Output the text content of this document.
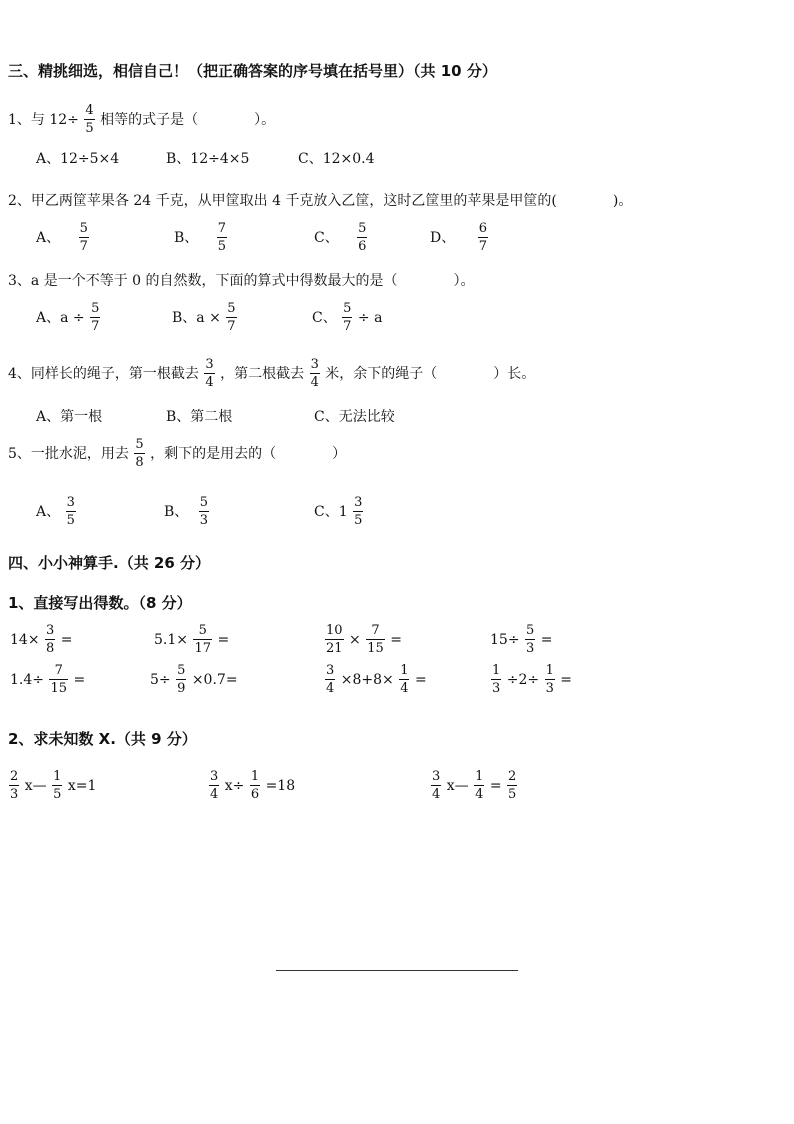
三、精挑细选，相信自己！（把正确答案的序号填在括号里）（共 10 分）
1、与 $12\div \frac{4}{5}$ 相等的式子是（　　　　）。
A、12÷5×4	B、12÷4×5	C、12×0.4
2、甲乙两筐苹果各 24 千克，从甲筐取出 4 千克放入乙筐，这时乙筐里的苹果是甲筐的(　　　　)。
A、 $\frac{5}{7}$	B、 $\frac{7}{5}$	C、 $\frac{5}{6}$	D、 $\frac{6}{7}$
3、a 是一个不等于 0 的自然数，下面的算式中得数最大的是（　　　　）。
A、$a \div \frac{5}{7}$	B、$a \times \frac{5}{7}$	C、 $\frac{5}{7} \div a$
4、同样长的绳子，第一根截去 $\frac{3}{4}$ ，第二根截去 $\frac{3}{4}$ 米，余下的绳子（　　　　）长。
A、第一根	B、第二根	C、无法比较
5、一批水泥，用去 $\frac{5}{8}$ ，剩下的是用去的（　　　　）
A、 $\frac{3}{5}$	B、 $\frac{5}{3}$	C、$1 \frac{3}{5}$
四、小小神算手.（共 26 分）
1、直接写出得数。（8 分）
$14\times \frac{3}{8}$ =	$5.1\times \frac{5}{17}$ =	$\frac{10}{21} \times \frac{7}{15}$ =	$15\div \frac{5}{3}$ =
$1.4\div \frac{7}{15}$ =	$5\div \frac{5}{9} \times 0.7=$	$\frac{3}{4} \times 8+8\times \frac{1}{4}$ =	$\frac{1}{3} \div 2\div \frac{1}{3}$ =
2、求未知数 X.（共 9 分）
$\frac{2}{3}$ x— $\frac{1}{5} x=1$	$\frac{3}{4} x\div \frac{1}{6} =18$	$\frac{3}{4}$ x— $\frac{1}{4} = \frac{2}{5}$
